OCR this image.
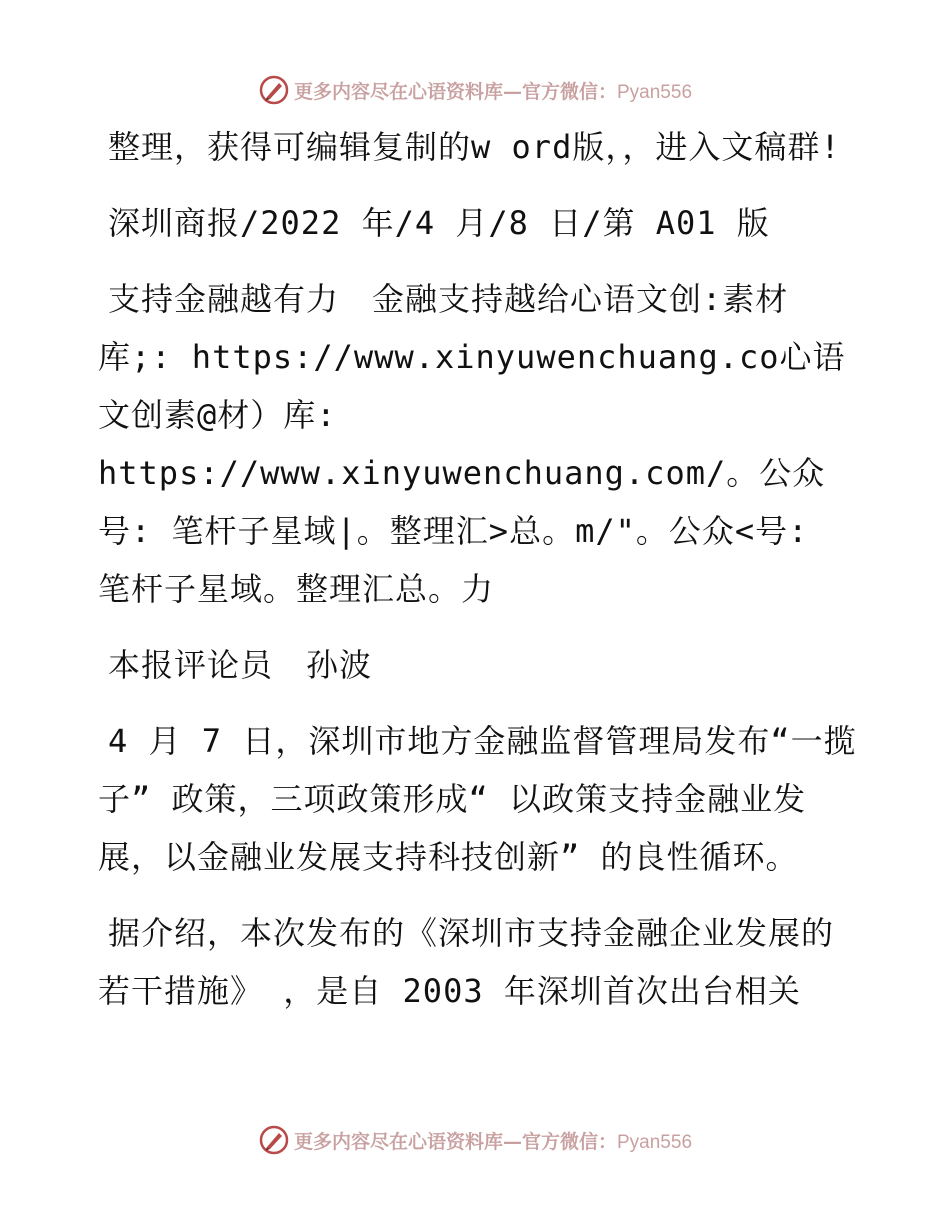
更多内容尽在心语资料库—官方微信：Pyan556

整理，获得可编辑复制的w ord版，，进入文稿群!

深圳商报/2022 年/4 月/8 日/第 A01 版

支持金融越有力　金融支持越给心语文创:素材库;: https://www.xinyuwenchuang.co心语文创素@材）库: https://www.xinyuwenchuang.com/。公众号: 笔杆子星域|。整理汇>总。m/"。公众<号: 笔杆子星域。整理汇总。力

本报评论员　孙波

4 月 7 日，深圳市地方金融监督管理局发布“一揽子” 政策，三项政策形成“ 以政策支持金融业发展，以金融业发展支持科技创新” 的良性循环。

据介绍，本次发布的《深圳市支持金融企业发展的若干措施》 ，是自 2003 年深圳首次出台相关

更多内容尽在心语资料库—官方微信：Pyan556
